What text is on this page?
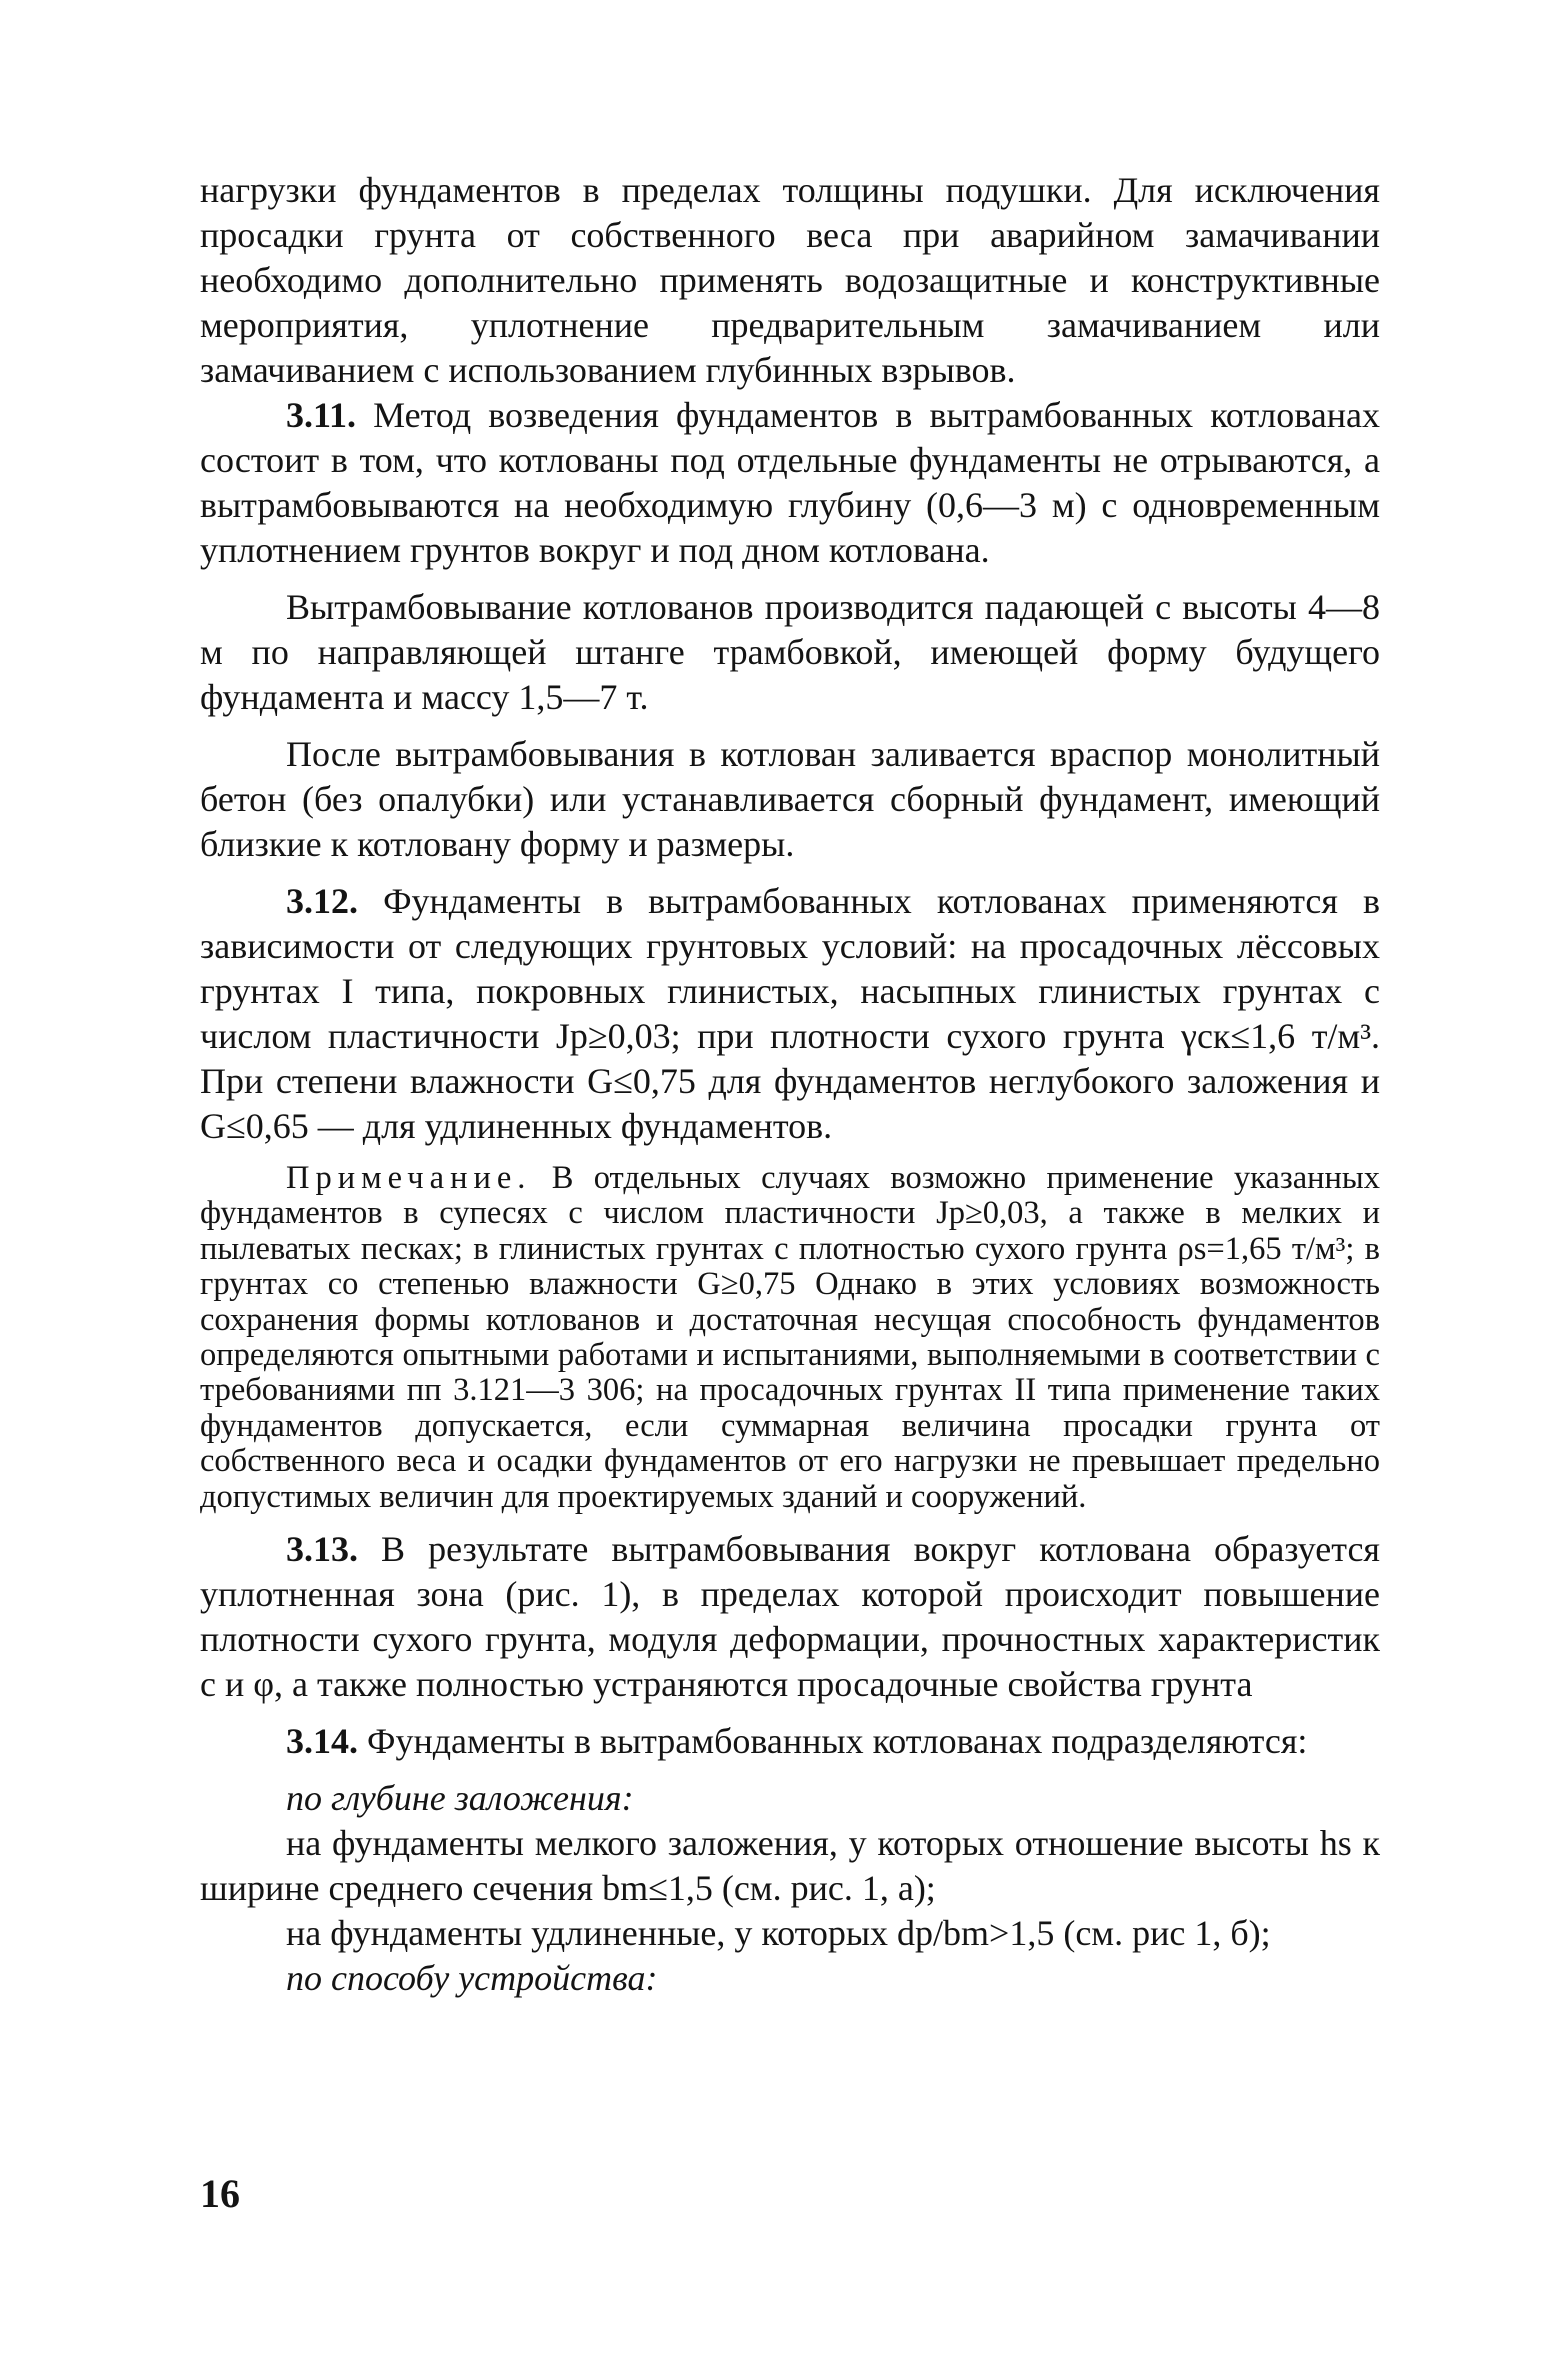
нагрузки фундаментов в пределах толщины подушки. Для исключения просадки грунта от собственного веса при аварийном замачивании необходимо дополнительно применять водозащитные и конструктивные мероприятия, уплотнение предварительным замачиванием или замачиванием с использованием глубинных взрывов.

3.11. Метод возведения фундаментов в вытрамбованных котлованах состоит в том, что котлованы под отдельные фундаменты не отрываются, а вытрамбовываются на необходимую глубину (0,6—3 м) с одновременным уплотнением грунтов вокруг и под дном котлована.

Вытрамбовывание котлованов производится падающей с высоты 4—8 м по направляющей штанге трамбовкой, имеющей форму будущего фундамента и массу 1,5—7 т.

После вытрамбовывания в котлован заливается враспор монолитный бетон (без опалубки) или устанавливается сборный фундамент, имеющий близкие к котловану форму и размеры.

3.12. Фундаменты в вытрамбованных котлованах применяются в зависимости от следующих грунтовых условий: на просадочных лёссовых грунтах I типа, покровных глинистых, насыпных глинистых грунтах с числом пластичности Jp≥0,03; при плотности сухого грунта γск≤1,6 т/м³. При степени влажности G≤0,75 для фундаментов неглубокого заложения и G≤0,65 — для удлиненных фундаментов.

Примечание. В отдельных случаях возможно применение указанных фундаментов в супесях с числом пластичности Jp≥0,03, а также в мелких и пылеватых песках; в глинистых грунтах с плотностью сухого грунта ρs=1,65 т/м³; в грунтах со степенью влажности G≥0,75 Однако в этих условиях возможность сохранения формы котлованов и достаточная несущая способность фундаментов определяются опытными работами и испытаниями, выполняемыми в соответствии с требованиями пп 3.121—3 306; на просадочных грунтах II типа применение таких фундаментов допускается, если суммарная величина просадки грунта от собственного веса и осадки фундаментов от его нагрузки не превышает предельно допустимых величин для проектируемых зданий и сооружений.

3.13. В результате вытрамбовывания вокруг котлована образуется уплотненная зона (рис. 1), в пределах которой происходит повышение плотности сухого грунта, модуля деформации, прочностных характеристик c и φ, а также полностью устраняются просадочные свойства грунта

3.14. Фундаменты в вытрамбованных котлованах подразделяются:

по глубине заложения:

на фундаменты мелкого заложения, у которых отношение высоты hs к ширине среднего сечения bm≤1,5 (см. рис. 1, а);

на фундаменты удлиненные, у которых dp/bm>1,5 (см. рис 1, б);

по способу устройства:

16
